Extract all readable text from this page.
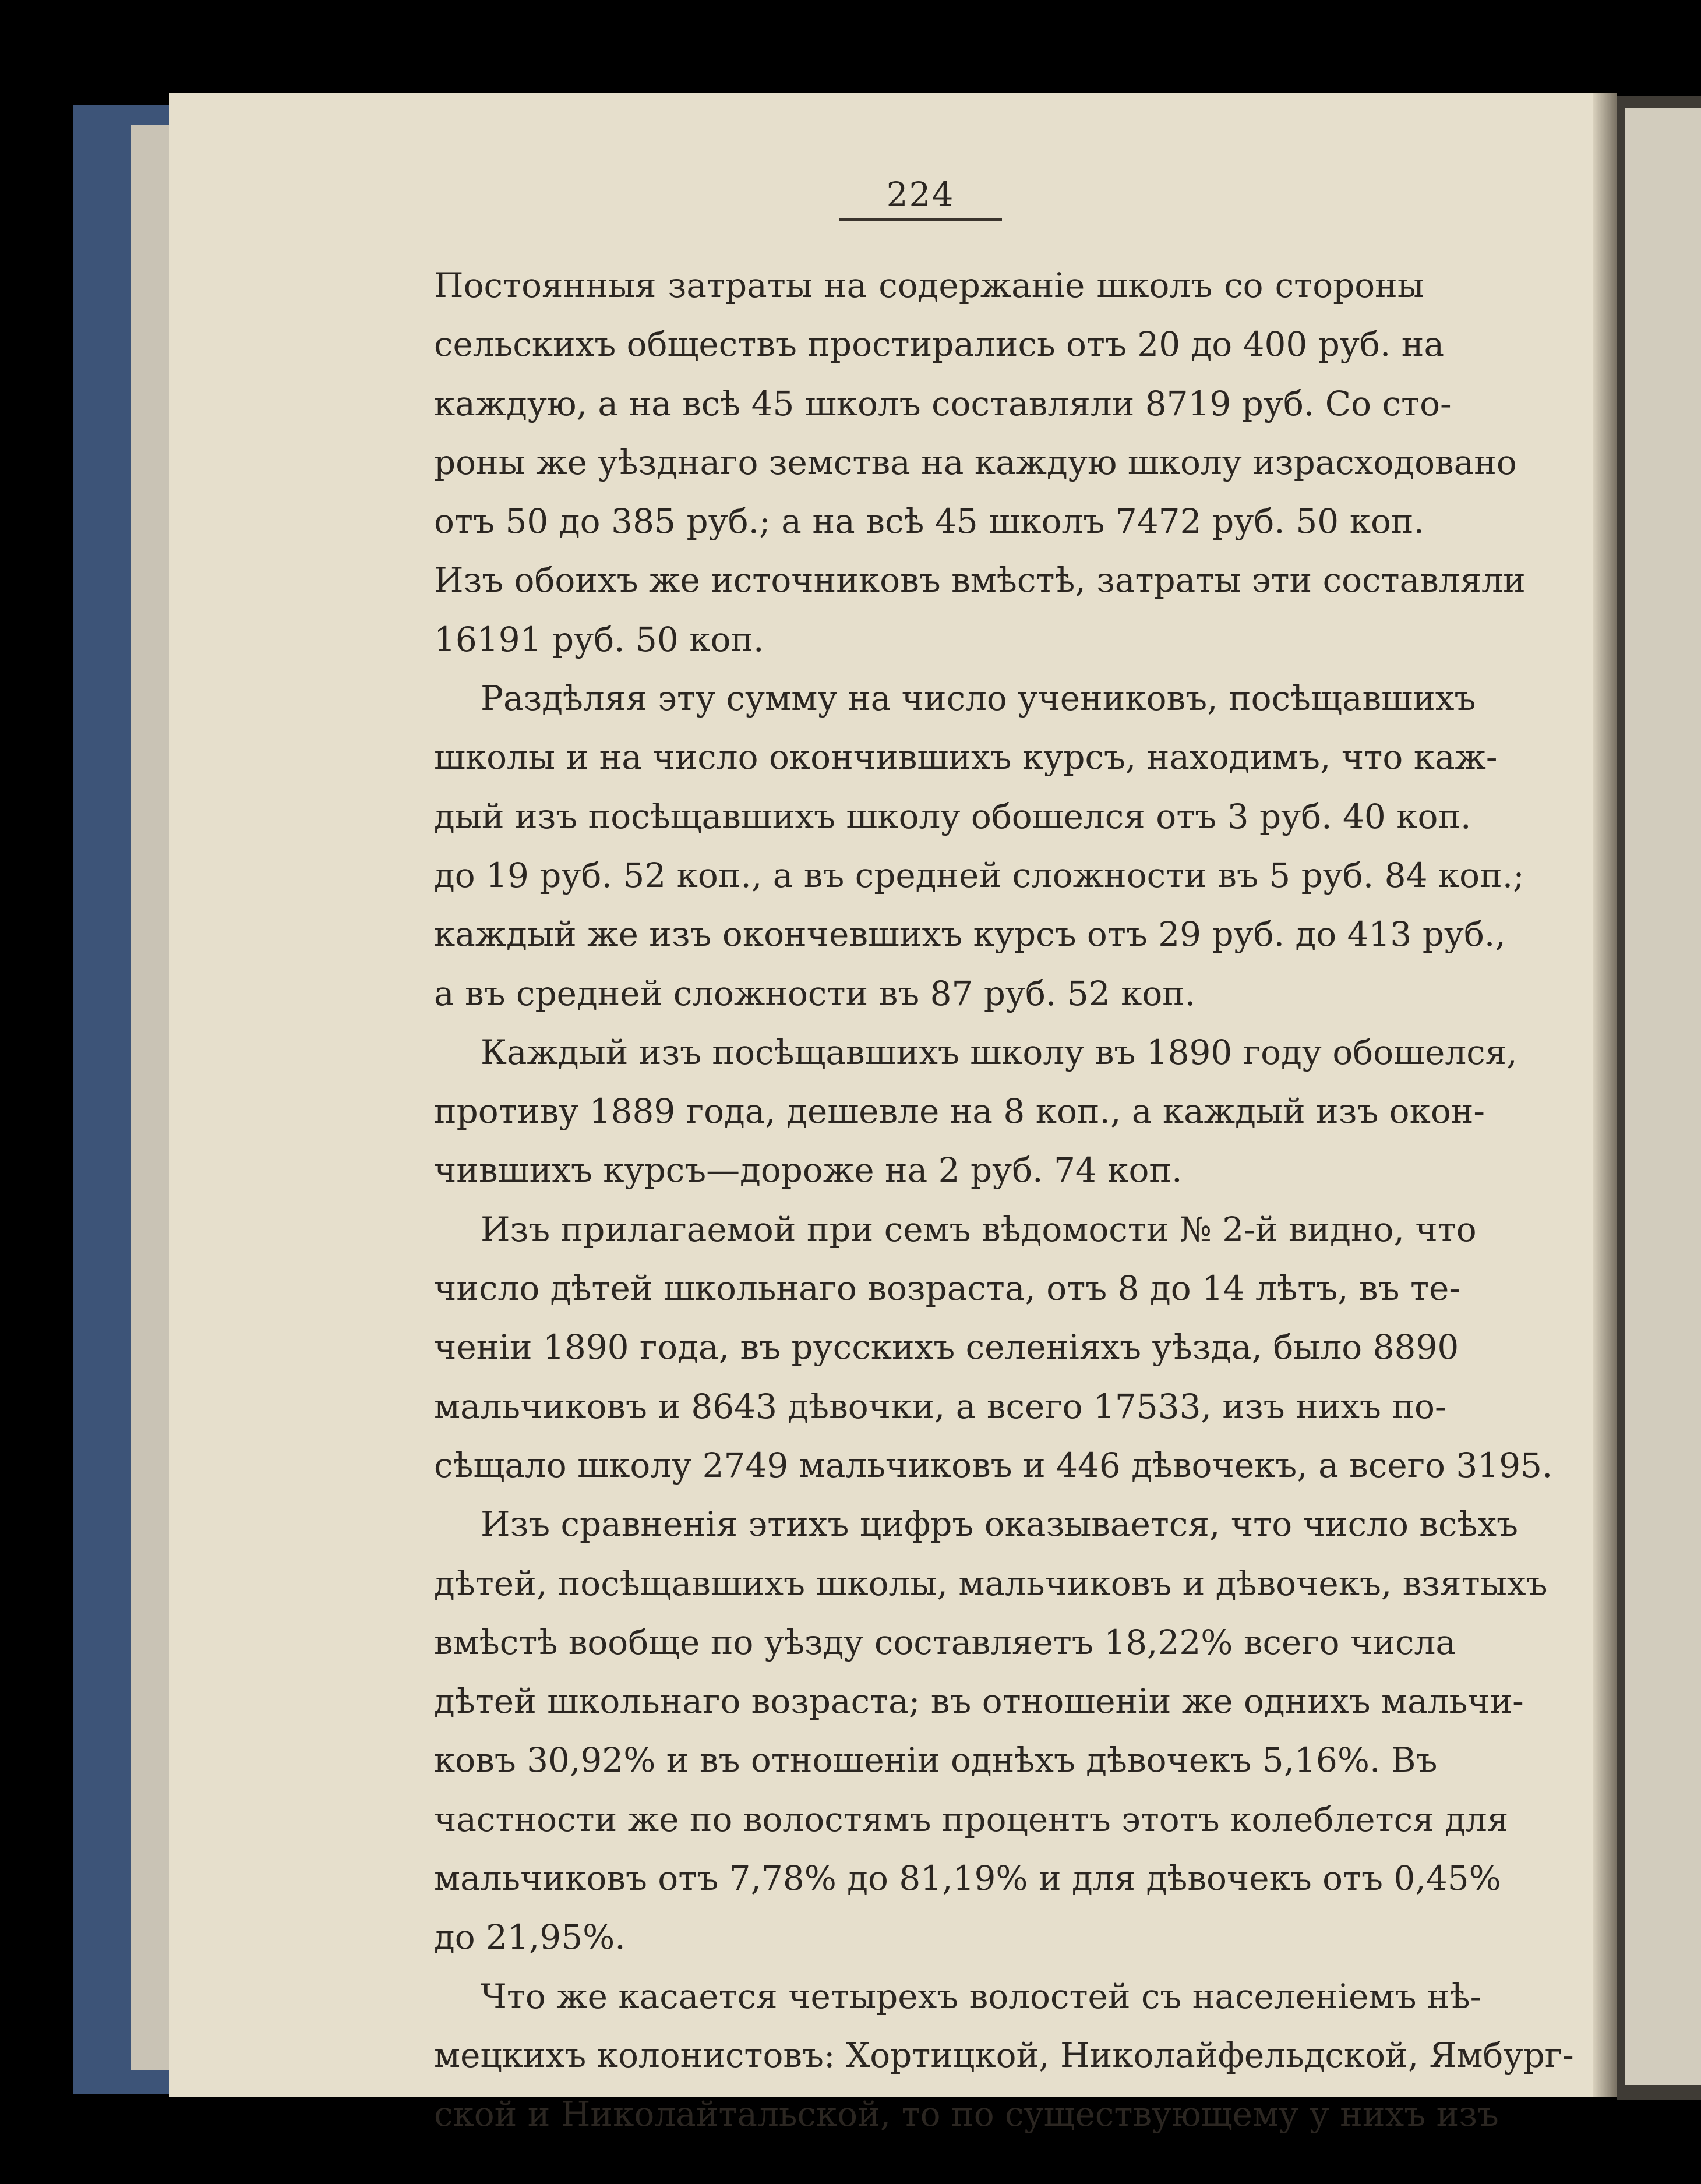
224
Постоянныя затраты на содержаніе школъ со стороны
сельскихъ обществъ простирались отъ 20 до 400 руб. на
каждую, а на всѣ 45 школъ составляли 8719 руб. Со сто-
роны же уѣзднаго земства на каждую школу израсходовано
отъ 50 до 385 руб.; а на всѣ 45 школъ 7472 руб. 50 коп.
Изъ обоихъ же источниковъ вмѣстѣ, затраты эти составляли
16191 руб. 50 коп.
Раздѣляя эту сумму на число учениковъ, посѣщавшихъ
школы и на число окончившихъ курсъ, находимъ, что каж-
дый изъ посѣщавшихъ школу обошелся отъ 3 руб. 40 коп.
до 19 руб. 52 коп., а въ средней сложности въ 5 руб. 84 коп.;
каждый же изъ окончевшихъ курсъ отъ 29 руб. до 413 руб.,
а въ средней сложности въ 87 руб. 52 коп.
Каждый изъ посѣщавшихъ школу въ 1890 году обошелся,
противу 1889 года, дешевле на 8 коп., а каждый изъ окон-
чившихъ курсъ—дороже на 2 руб. 74 коп.
Изъ прилагаемой при семъ вѣдомости № 2-й видно, что
число дѣтей школьнаго возраста, отъ 8 до 14 лѣтъ, въ те-
ченіи 1890 года, въ русскихъ селеніяхъ уѣзда, было 8890
мальчиковъ и 8643 дѣвочки, а всего 17533, изъ нихъ по-
сѣщало школу 2749 мальчиковъ и 446 дѣвочекъ, а всего 3195.
Изъ сравненія этихъ цифръ оказывается, что число всѣхъ
дѣтей, посѣщавшихъ школы, мальчиковъ и дѣвочекъ, взятыхъ
вмѣстѣ вообще по уѣзду составляетъ 18,22% всего числа
дѣтей школьнаго возраста; въ отношеніи же однихъ мальчи-
ковъ 30,92% и въ отношеніи однѣхъ дѣвочекъ 5,16%. Въ
частности же по волостямъ процентъ этотъ колеблется для
мальчиковъ отъ 7,78% до 81,19% и для дѣвочекъ отъ 0,45%
до 21,95%.
Что же касается четырехъ волостей съ населеніемъ нѣ-
мецкихъ колонистовъ: Хортицкой, Николайфельдской, Ямбург-
ской и Николайтальской, то по существующему у нихъ изъ
